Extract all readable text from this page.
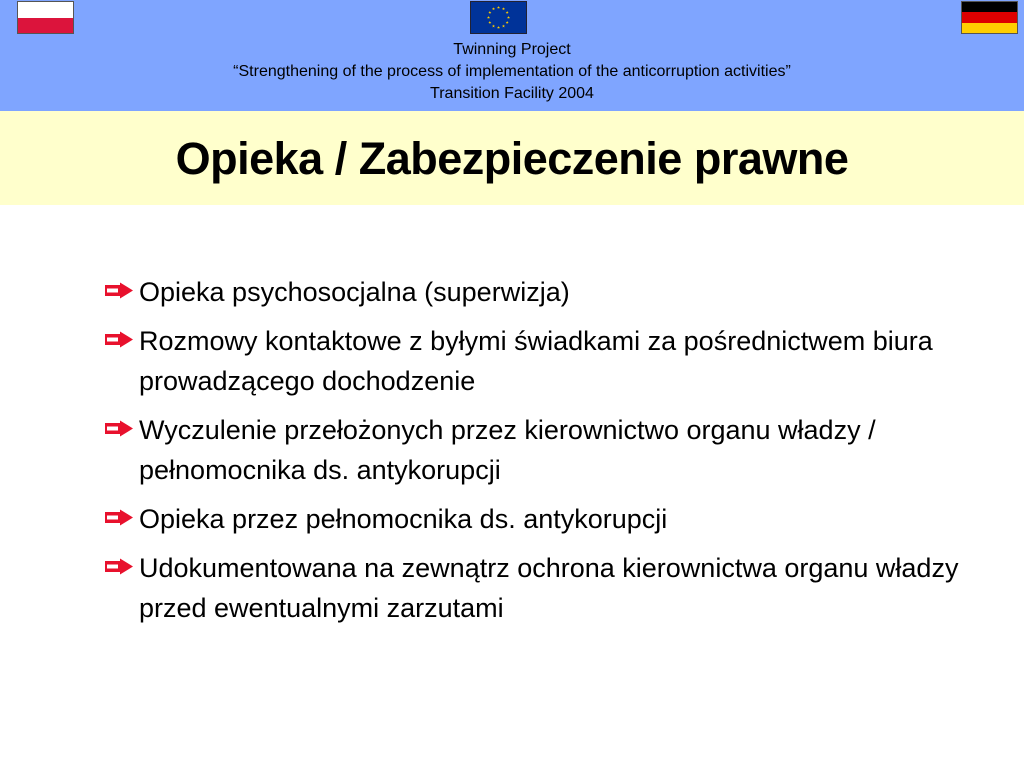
Twinning Project
“Strengthening of the process of implementation of the anticorruption activities”
Transition Facility 2004
Opieka / Zabezpieczenie prawne
Opieka psychosocjalna (superwizja)
Rozmowy kontaktowe z byłymi świadkami za pośrednictwem biura prowadzącego dochodzenie
Wyczulenie przełożonych przez kierownictwo organu władzy / pełnomocnika ds. antykorupcji
Opieka przez pełnomocnika ds. antykorupcji
Udokumentowana na zewnątrz ochrona kierownictwa organu władzy przed ewentualnymi zarzutami
